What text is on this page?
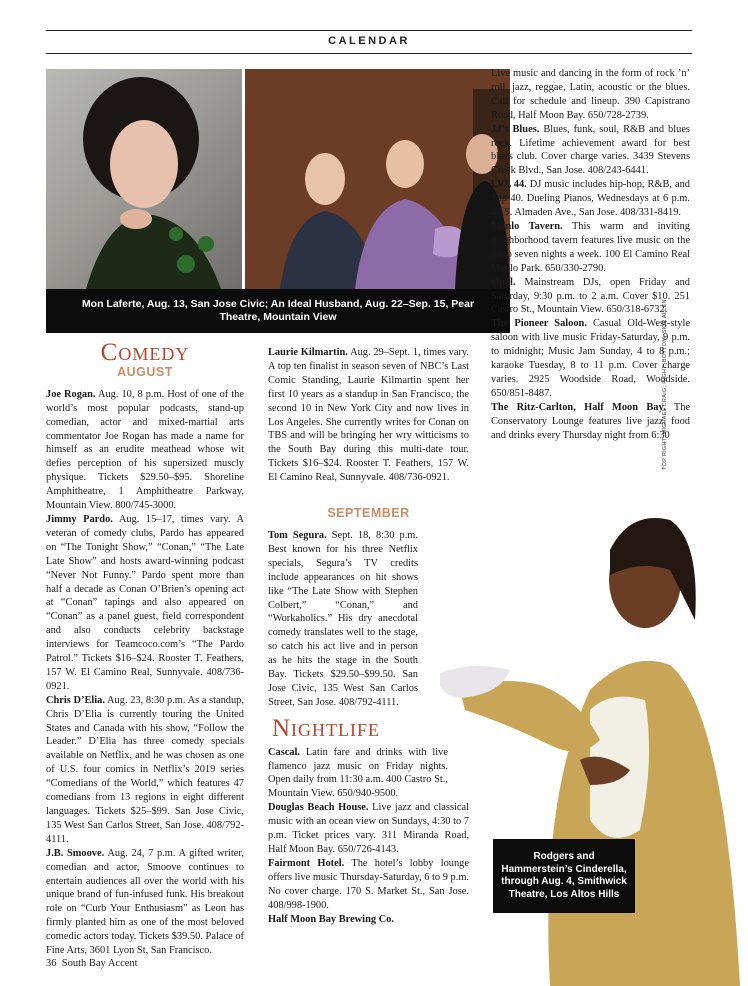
CALENDAR
Mon Laferte, Aug. 13, San Jose Civic; An Ideal Husband, Aug. 22–Sep. 15, Pear Theatre, Mountain View	TOP RIGHT: MICHAEL CRAIG; RIGHT: BOTTOM: SKIP ALLEN

Comedy

AUGUST

Joe Rogan. Aug. 10, 8 p.m. Host of one of the world’s most popular podcasts, stand-up comedian, actor and mixed-martial arts commentator Joe Rogan has made a name for himself as an erudite meathead whose wit defies perception of his supersized muscly physique. Tickets $29.50–$95. Shoreline Amphitheatre, 1 Amphitheatre Parkway, Mountain View. 800/745-3000.

Jimmy Pardo. Aug. 15–17, times vary. A veteran of comedy clubs, Pardo has appeared on “The Tonight Show,” “Conan,” “The Late Late Show” and hosts award-winning podcast “Never Not Funny.” Pardo spent more than half a decade as Conan O’Brien’s opening act at “Conan” tapings and also appeared on “Conan” as a panel guest, field correspondent and also conducts celebrity backstage interviews for Teamcoco.com’s “The Pardo Patrol.” Tickets $16–$24. Rooster T. Feathers, 157 W. El Camino Real, Sunnyvale. 408/736-0921.

Chris D’Elia. Aug. 23, 8:30 p.m. As a standup, Chris D’Elia is currently touring the United States and Canada with his show, “Follow the Leader.” D’Elia has three comedy specials available on Netflix, and he was chosen as one of U.S. four comics in Netflix’s 2019 series “Comedians of the World,” which features 47 comedians from 13 regions in eight different languages. Tickets $25–$99. San Jose Civic, 135 West San Carlos Street, San Jose. 408/792-4111.

J.B. Smoove. Aug. 24, 7 p.m. A gifted writer, comedian and actor, Smoove continues to entertain audiences all over the world with his unique brand of fun-infused funk. His breakout role on “Curb Your Enthusiasm” as Leon has firmly planted him as one of the most beloved comedic actors today. Tickets $39.50. Palace of Fine Arts, 3601 Lyon St, San Francisco.

Laurie Kilmartin. Aug. 29–Sept. 1, times vary. A top ten finalist in season seven of NBC’s Last Comic Standing, Laurie Kilmartin spent her first 10 years as a standup in San Francisco, the second 10 in New York City and now lives in Los Angeles. She currently writes for Conan on TBS and will be bringing her wry witticisms to the South Bay during this multi-date tour. Tickets $16–$24. Rooster T. Feathers, 157 W. El Camino Real, Sunnyvale. 408/736-0921.

SEPTEMBER

Tom Segura. Sept. 18, 8:30 p.m. Best known for his three Netflix specials, Segura’s TV credits include appearances on hit shows like “The Late Show with Stephen Colbert,” “Conan,” and “Workaholics.” His dry anecdotal comedy translates well to the stage, so catch his act live and in person as he hits the stage in the South Bay. Tickets $29.50–$99.50. San Jose Civic, 135 West San Carlos Street, San Jose. 408/792-4111.

Nightlife

Cascal. Latin fare and drinks with live flamenco jazz music on Friday nights. Open daily from 11:30 a.m. 400 Castro St., Mountain View. 650/940-9500.

Douglas Beach House. Live jazz and classical music with an ocean view on Sundays, 4:30 to 7 p.m. Ticket prices vary. 311 Miranda Road, Half Moon Bay. 650/726-4143.

Fairmont Hotel. The hotel’s lobby lounge offers live music Thursday-Saturday, 6 to 9 p.m. No cover charge. 170 S. Market St., San Jose. 408/998-1900.

Half Moon Bay Brewing Co.

Live music and dancing in the form of rock ’n’ roll, jazz, reggae, Latin, acoustic or the blues. Call for schedule and lineup. 390 Capistrano Road, Half Moon Bay. 650/728-2739.

JJ’s Blues. Blues, funk, soul, R&B and blues rock. Lifetime achievement award for best blues club. Cover charge varies. 3439 Stevens Creek Blvd., San Jose. 408/243-6441.

LVL 44. DJ music includes hip-hop, R&B, and Top 40. Dueling Pianos, Wednesdays at 6 p.m. 44 S. Almaden Ave., San Jose. 408/331-8419.

Menlo Tavern. This warm and inviting neighborhood tavern features live music on the patio seven nights a week. 100 El Camino Real Menlo Park. 650/330-2790.

Opal. Mainstream DJs, open Friday and Saturday, 9:30 p.m. to 2 a.m. Cover $10. 251 Castro St., Mountain View. 650/318-6732.

The Pioneer Saloon. Casual Old-West-style saloon with live music Friday-Saturday, 9 p.m. to midnight; Music Jam Sunday, 4 to 8 p.m.; karaoke Tuesday, 8 to 11 p.m. Cover charge varies. 2925 Woodside Road, Woodside. 650/851-8487.

The Ritz-Carlton, Half Moon Bay. The Conservatory Lounge features live jazz, food and drinks every Thursday night from 6:30

Rodgers and Hammerstein’s Cinderella, through Aug. 4, Smithwick Theatre, Los Altos Hills
36 South Bay Accent
